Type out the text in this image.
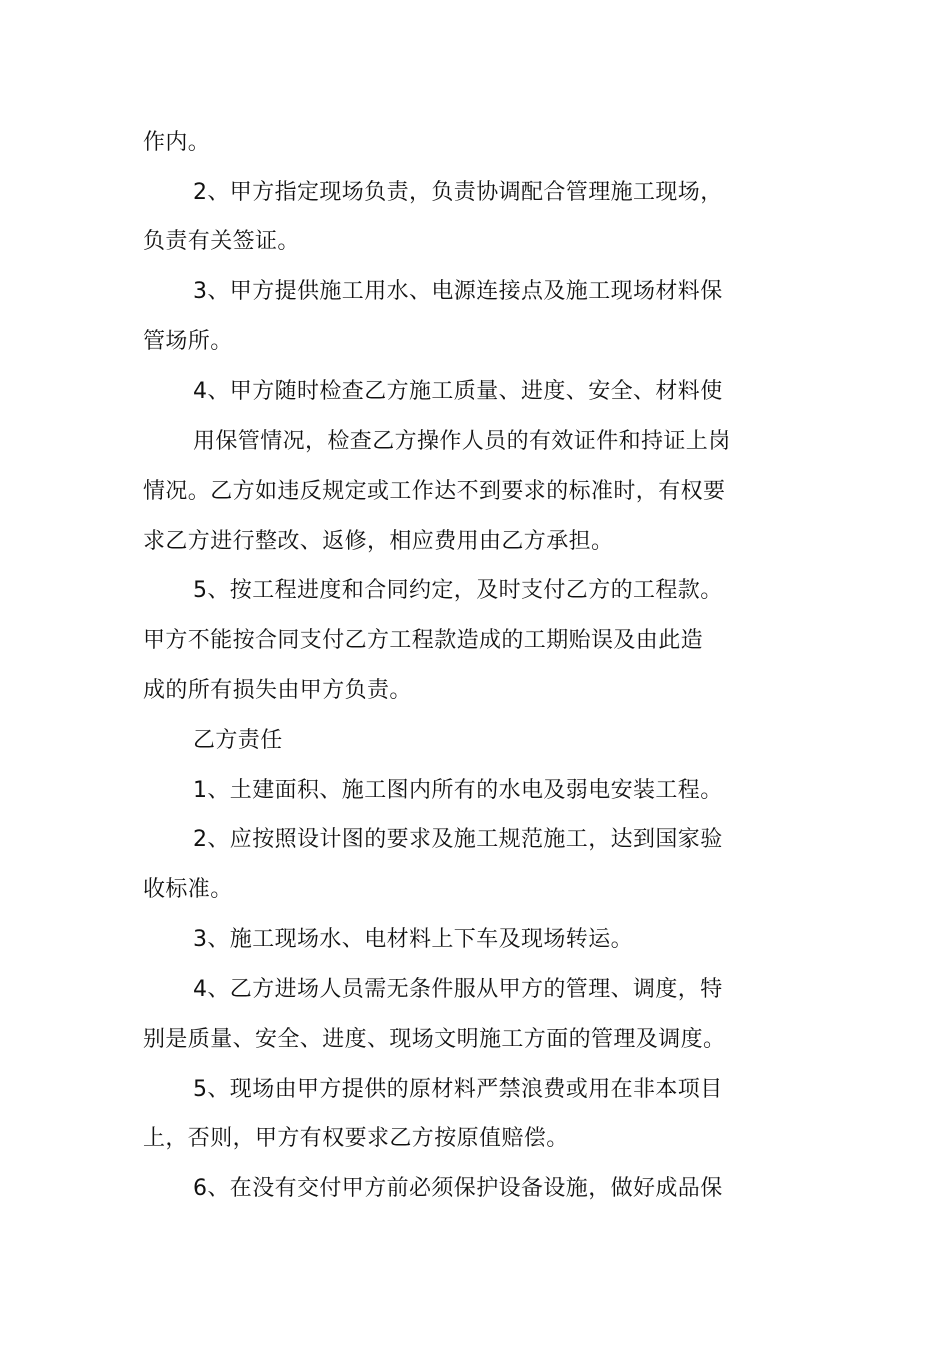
作内。
2、甲方指定现场负责，负责协调配合管理施工现场，
负责有关签证。
3、甲方提供施工用水、电源连接点及施工现场材料保
管场所。
4、甲方随时检查乙方施工质量、进度、安全、材料使
用保管情况，检查乙方操作人员的有效证件和持证上岗
情况。乙方如违反规定或工作达不到要求的标准时，有权要
求乙方进行整改、返修，相应费用由乙方承担。
5、按工程进度和合同约定，及时支付乙方的工程款。
甲方不能按合同支付乙方工程款造成的工期贻误及由此造
成的所有损失由甲方负责。
乙方责任
1、土建面积、施工图内所有的水电及弱电安装工程。
2、应按照设计图的要求及施工规范施工，达到国家验
收标准。
3、施工现场水、电材料上下车及现场转运。
4、乙方进场人员需无条件服从甲方的管理、调度，特
别是质量、安全、进度、现场文明施工方面的管理及调度。
5、现场由甲方提供的原材料严禁浪费或用在非本项目
上，否则，甲方有权要求乙方按原值赔偿。
6、在没有交付甲方前必须保护设备设施，做好成品保
